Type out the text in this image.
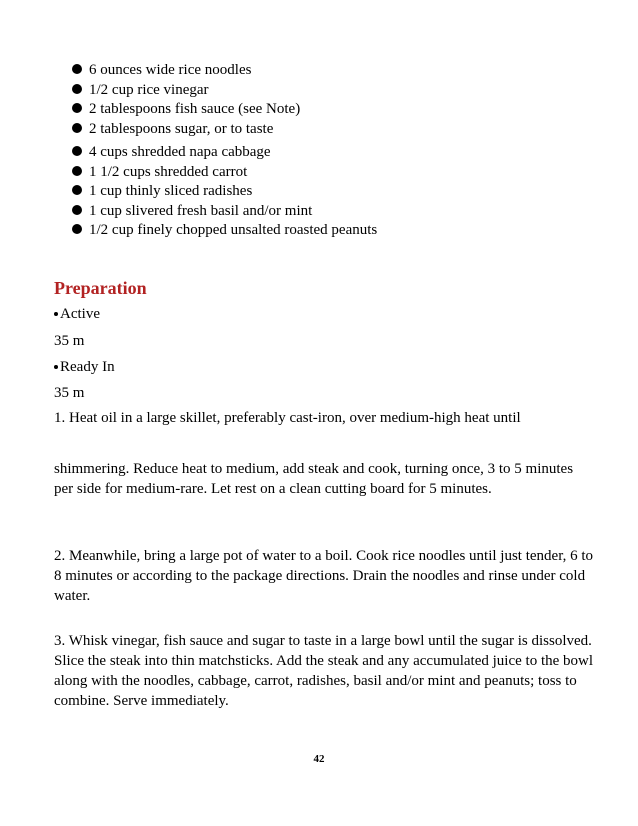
6 ounces wide rice noodles
1/2 cup rice vinegar
2 tablespoons fish sauce (see Note)
2 tablespoons sugar, or to taste
4 cups shredded napa cabbage
1 1/2 cups shredded carrot
1 cup thinly sliced radishes
1 cup slivered fresh basil and/or mint
1/2 cup finely chopped unsalted roasted peanuts
Preparation
Active
35 m
Ready In
35 m
1. Heat oil in a large skillet, preferably cast-iron, over medium-high heat until

shimmering. Reduce heat to medium, add steak and cook, turning once, 3 to 5 minutes per side for medium-rare. Let rest on a clean cutting board for 5 minutes.

2. Meanwhile, bring a large pot of water to a boil. Cook rice noodles until just tender, 6 to 8 minutes or according to the package directions. Drain the noodles and rinse under cold water.

3. Whisk vinegar, fish sauce and sugar to taste in a large bowl until the sugar is dissolved. Slice the steak into thin matchsticks. Add the steak and any accumulated juice to the bowl along with the noodles, cabbage, carrot, radishes, basil and/or mint and peanuts; toss to combine. Serve immediately.

42
